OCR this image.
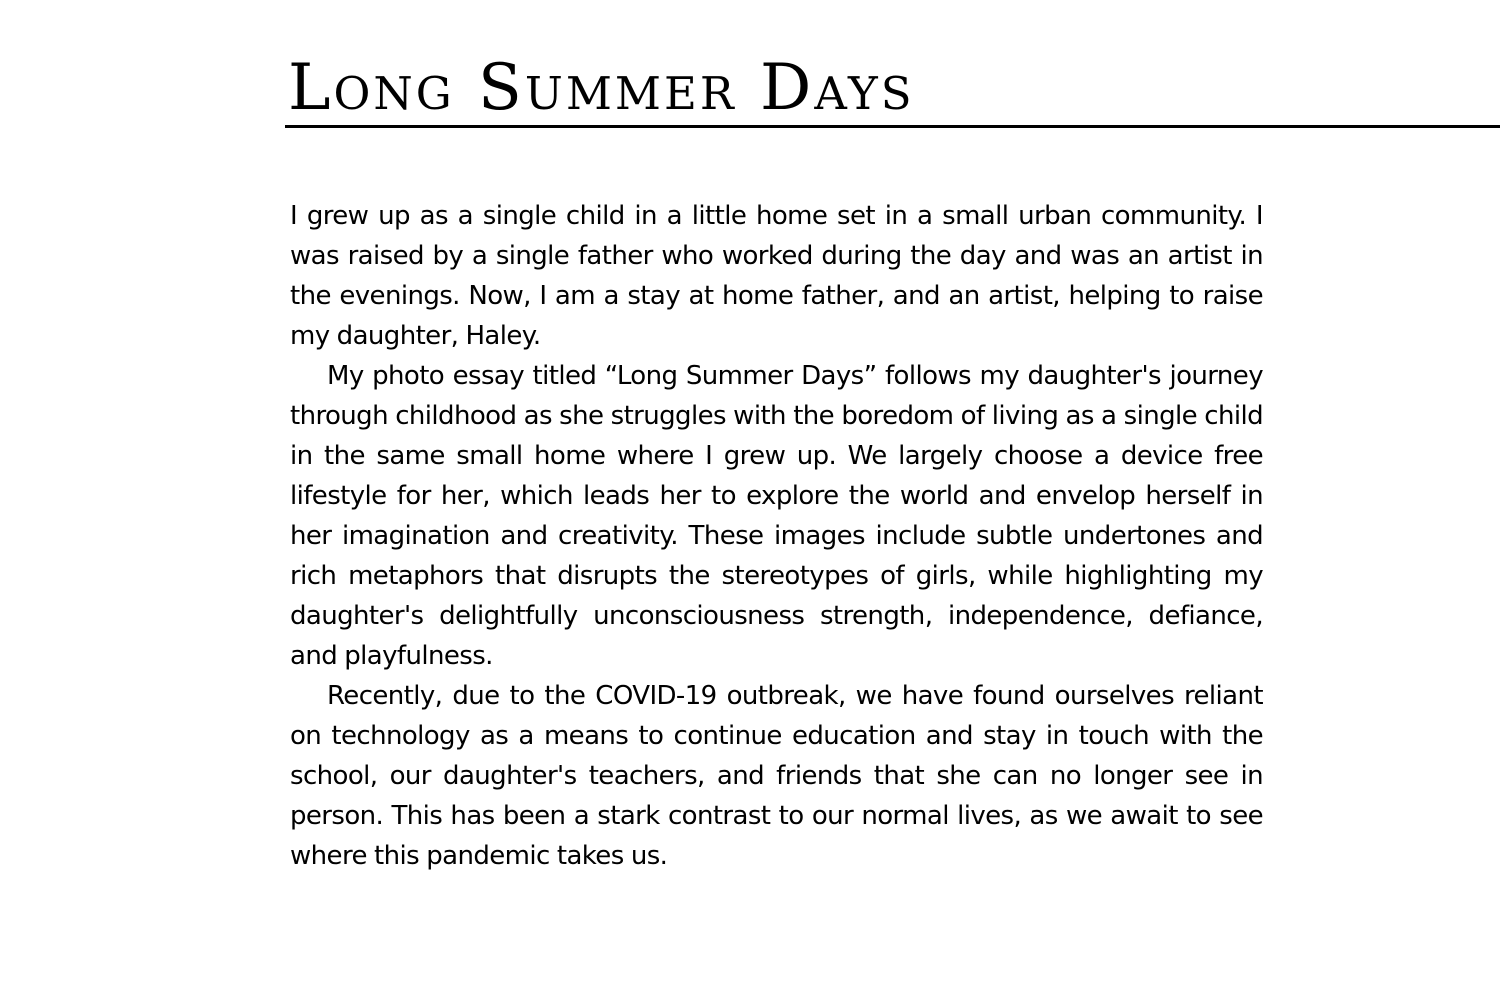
Long Summer Days

I grew up as a single child in a little home set in a small urban community. I was raised by a single father who worked during the day and was an artist in the evenings. Now, I am a stay at home father, and an artist, helping to raise my daughter, Haley.

My photo essay titled “Long Summer Days” follows my daughter's journey through childhood as she struggles with the boredom of living as a single child in the same small home where I grew up. We largely choose a device free lifestyle for her, which leads her to explore the world and envelop herself in her imagination and creativity. These images include subtle undertones and rich metaphors that disrupts the stereotypes of girls, while highlighting my daughter's delightfully unconsciousness strength, independence, defiance, and playfulness.

Recently, due to the COVID-19 outbreak, we have found ourselves reliant on technology as a means to continue education and stay in touch with the school, our daughter's teachers, and friends that she can no longer see in person. This has been a stark contrast to our normal lives, as we await to see where this pandemic takes us.
